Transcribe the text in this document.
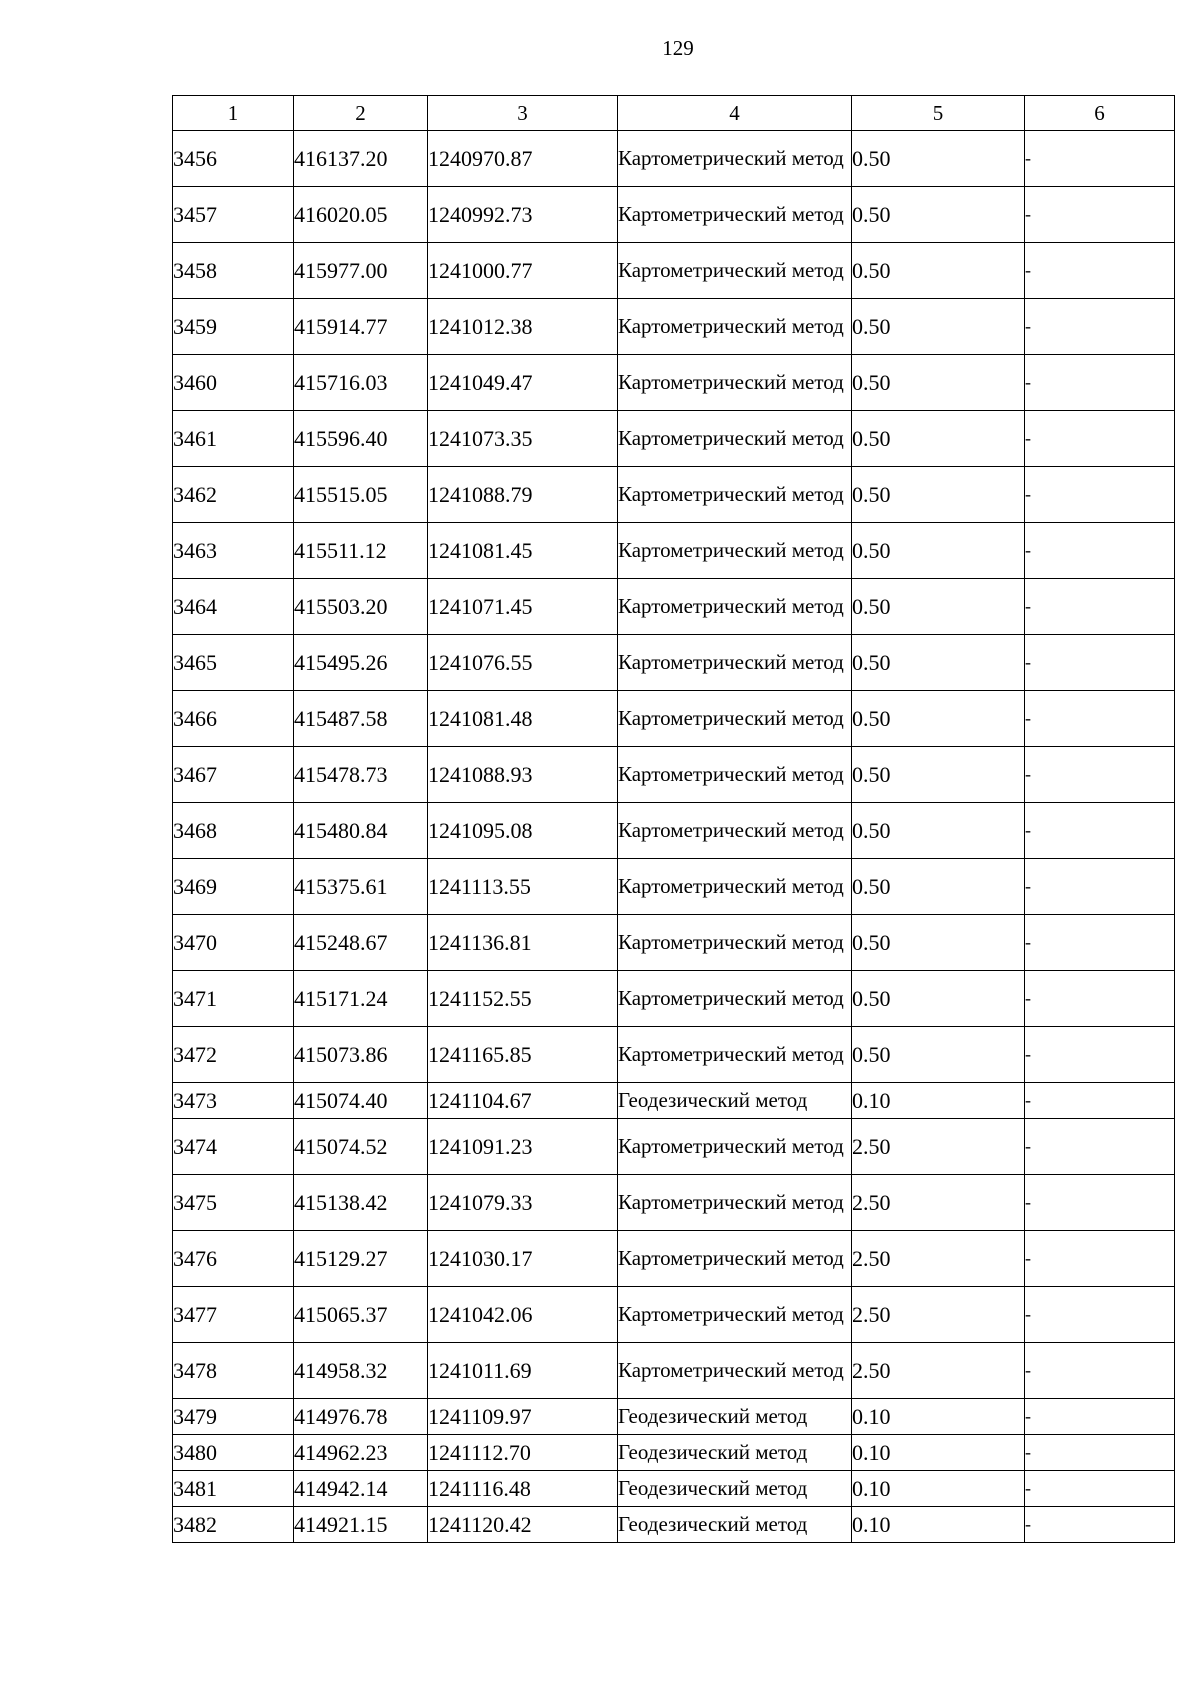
129
1	2	3	4	5	6
3456	416137.20	1240970.87	Картометрический метод	0.50	-
3457	416020.05	1240992.73	Картометрический метод	0.50	-
3458	415977.00	1241000.77	Картометрический метод	0.50	-
3459	415914.77	1241012.38	Картометрический метод	0.50	-
3460	415716.03	1241049.47	Картометрический метод	0.50	-
3461	415596.40	1241073.35	Картометрический метод	0.50	-
3462	415515.05	1241088.79	Картометрический метод	0.50	-
3463	415511.12	1241081.45	Картометрический метод	0.50	-
3464	415503.20	1241071.45	Картометрический метод	0.50	-
3465	415495.26	1241076.55	Картометрический метод	0.50	-
3466	415487.58	1241081.48	Картометрический метод	0.50	-
3467	415478.73	1241088.93	Картометрический метод	0.50	-
3468	415480.84	1241095.08	Картометрический метод	0.50	-
3469	415375.61	1241113.55	Картометрический метод	0.50	-
3470	415248.67	1241136.81	Картометрический метод	0.50	-
3471	415171.24	1241152.55	Картометрический метод	0.50	-
3472	415073.86	1241165.85	Картометрический метод	0.50	-
3473	415074.40	1241104.67	Геодезический метод	0.10	-
3474	415074.52	1241091.23	Картометрический метод	2.50	-
3475	415138.42	1241079.33	Картометрический метод	2.50	-
3476	415129.27	1241030.17	Картометрический метод	2.50	-
3477	415065.37	1241042.06	Картометрический метод	2.50	-
3478	414958.32	1241011.69	Картометрический метод	2.50	-
3479	414976.78	1241109.97	Геодезический метод	0.10	-
3480	414962.23	1241112.70	Геодезический метод	0.10	-
3481	414942.14	1241116.48	Геодезический метод	0.10	-
3482	414921.15	1241120.42	Геодезический метод	0.10	-
